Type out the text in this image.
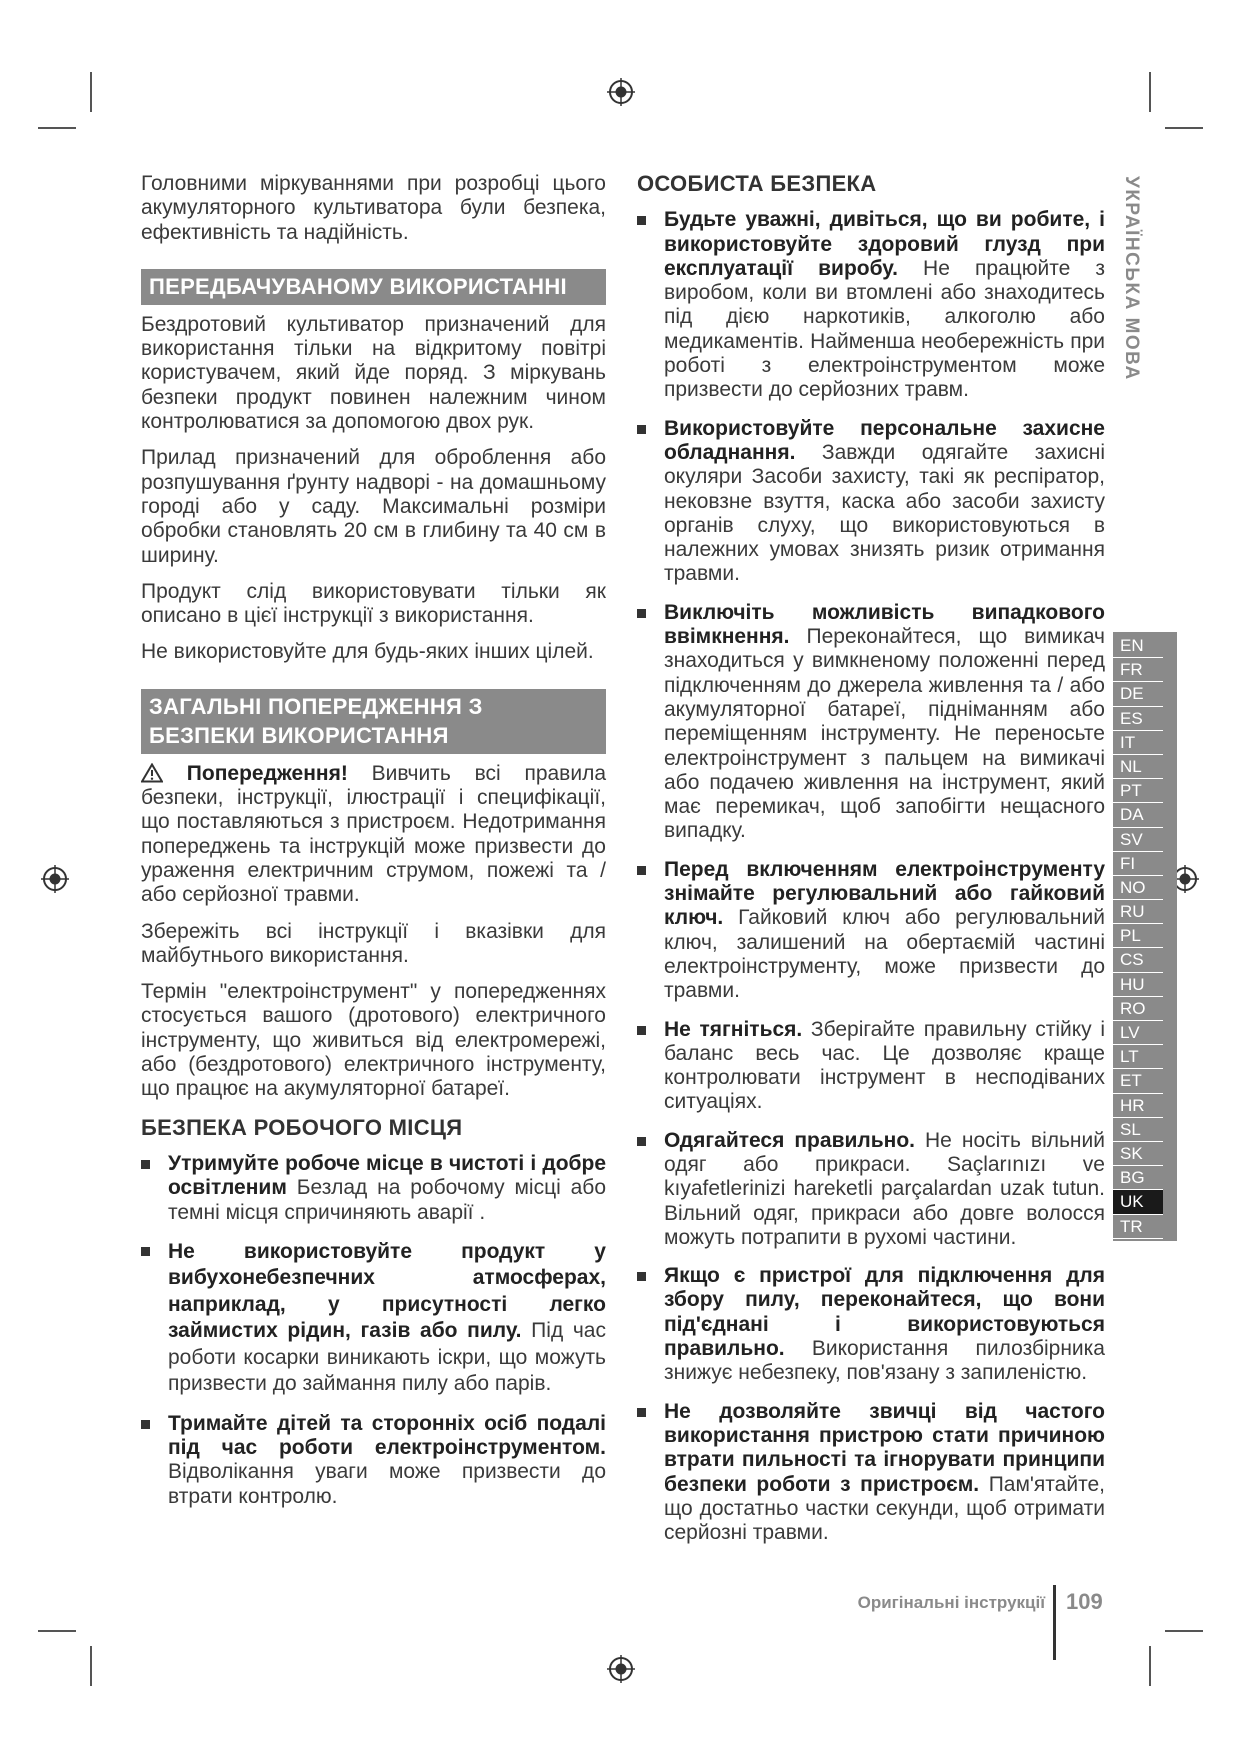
Головними міркуваннями при розробці цього акумуляторного культиватора були безпека, ефективність та надійність.

ПЕРЕДБАЧУВАНОМУ ВИКОРИСТАННІ

Бездротовий культиватор призначений для використання тільки на відкритому повітрі користувачем, який йде поряд. З міркувань безпеки продукт повинен належним чином контролюватися за допомогою двох рук.

Прилад призначений для оброблення або розпушування ґрунту надворі - на домашньому городі або у саду. Максимальні розміри обробки становлять 20 см в глибину та 40 см в ширину.

Продукт слід використовувати тільки як описано в цієї інструкції з використання.

Не використовуйте для будь-яких інших цілей.

ЗАГАЛЬНІ ПОПЕРЕДЖЕННЯ З
БЕЗПЕКИ ВИКОРИСТАННЯ

Попередження! Вивчить всі правила безпеки, інструкції, ілюстрації і специфікації, що поставляються з пристроєм. Недотримання попереджень та інструкцій може призвести до ураження електричним струмом, пожежі та / або серйозної травми.

Збережіть всі інструкції і вказівки для майбутнього використання.

Термін "електроінструмент" у попередженнях стосується вашого (дротового) електричного інструменту, що живиться від електромережі, або (бездротового) електричного інструменту, що працює на акумуляторної батареї.

БЕЗПЕКА РОБОЧОГО МІСЦЯ
Утримуйте робоче місце в чистоті і добре освітленим Безлад на робочому місці або темні місця спричиняють аварії .
Не використовуйте продукт у вибухонебезпечних атмосферах, наприклад, у присутності легко займистих рідин, газів або пилу. Під час роботи косарки виникають іскри, що можуть призвести до займання пилу або парів.
Тримайте дітей та сторонніх осіб подалі під час роботи електроінструментом. Відволікання уваги може призвести до втрати контролю.
ОСОБИСТА БЕЗПЕКА
Будьте уважні, дивіться, що ви робите, і використовуйте здоровий глузд при експлуатації виробу. Не працюйте з виробом, коли ви втомлені або знаходитесь під дією наркотиків, алкоголю або медикаментів. Найменша необережність при роботі з електроінструментом може призвести до серйозних травм.
Використовуйте персональне захисне обладнання. Завжди одягайте захисні окуляри Засоби захисту, такі як респіратор, нековзне взуття, каска або засоби захисту органів слуху, що використовуються в належних умовах знизять ризик отримання травми.
Виключіть можливість випадкового ввімкнення. Переконайтеся, що вимикач знаходиться у вимкненому положенні перед підключенням до джерела живлення та / або акумуляторної батареї, підніманням або переміщенням інструменту. Не переносьте електроінструмент з пальцем на вимикачі або подачею живлення на інструмент, який має перемикач, щоб запобігти нещасного випадку.
Перед включенням електроінструменту знімайте регулювальний або гайковий ключ. Гайковий ключ або регулювальний ключ, залишений на обертаємій частині електроінструменту, може призвести до травми.
Не тягніться. Зберігайте правильну стійку і баланс весь час. Це дозволяє краще контролювати інструмент в несподіваних ситуаціях.
Одягайтеся правильно. Не носіть вільний одяг або прикраси. Saçlarınızı ve kıyafetlerinizi hareketli parçalardan uzak tutun. Вільний одяг, прикраси або довге волосся можуть потрапити в рухомі частини.
Якщо є пристрої для підключення для збору пилу, переконайтеся, що вони під'єднані і використовуються правильно. Використання пилозбірника знижує небезпеку, пов'язану з запиленістю.
Не дозволяйте звичці від частого використання пристрою стати причиною втрати пильності та ігнорувати принципи безпеки роботи з пристроєм. Пам'ятайте, що достатньо частки секунди, щоб отримати серйозні травми.
УКРАЇНСЬКА МОВА
EN
FR
DE
ES
IT
NL
PT
DA
SV
FI
NO
RU
PL
CS
HU
RO
LV
LT
ET
HR
SL
SK
BG
UK
TR
Оригінальні інструкції 109
